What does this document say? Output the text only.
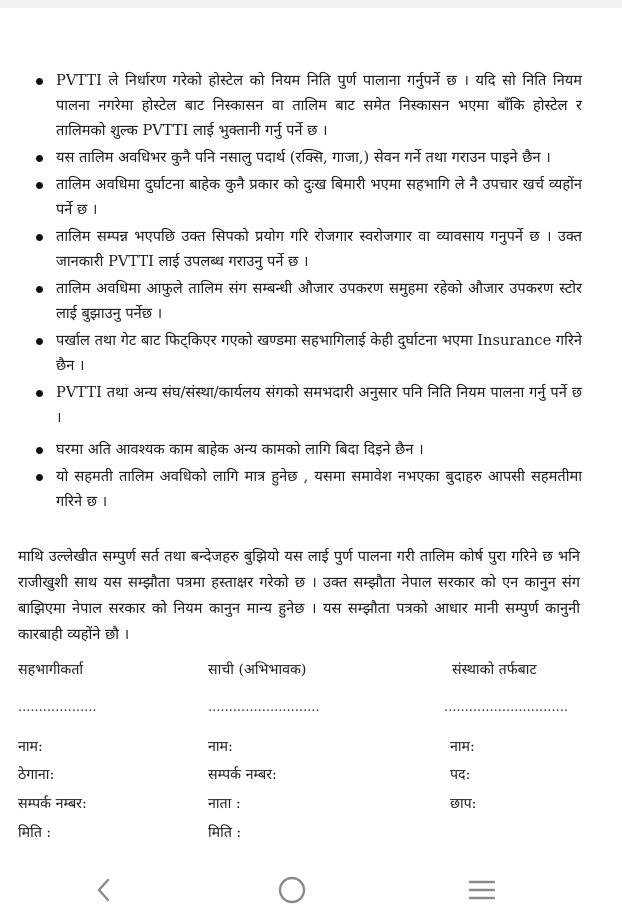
PVTTI ले निर्धारण गरेको होस्टेल को नियम निति पुर्ण पालाना गर्नुपर्ने छ । यदि सो निति नियम पालना नगरेमा होस्टेल बाट निस्कासन वा तालिम बाट समेत निस्कासन भएमा बाँकि होस्टेल र तालिमको शुल्क PVTTI लाई भुक्तानी गर्नु पर्ने छ ।
यस तालिम अवधिभर कुनै पनि नसालु पदार्थ (रक्सि, गाजा,) सेवन गर्ने तथा गराउन पाइने छैन ।
तालिम अवधिमा दुर्घाटना बाहेक कुनै प्रकार को दुःख बिमारी भएमा सहभागि ले नै उपचार खर्च व्यहोंन पर्ने छ ।
तालिम सम्पन्न भएपछि उक्त सिपको प्रयोग गरि रोजगार स्वरोजगार वा व्यावसाय गनुपर्ने छ । उक्त जानकारी PVTTI लाई उपलब्ध गराउनु पर्ने छ ।
तालिम अवधिमा आफुले तालिम संग सम्बन्धी औजार उपकरण समुहमा रहेको औजार उपकरण स्टोर लाई बुझाउनु पर्नेछ ।
पर्खाल तथा गेट बाट फिट्किएर गएको खण्डमा सहभागिलाई केही दुर्घाटना भएमा Insurance गरिने छैन ।
PVTTI तथा अन्य संघ/संस्था/कार्यलय संगको समभदारी अनुसार पनि निति नियम पालना गर्नु पर्ने छ ।
घरमा अति आवश्यक काम बाहेक अन्य कामको लागि बिदा दिइने छैन ।
यो सहमती तालिम अवधिको लागि मात्र हुनेछ , यसमा समावेश नभएका बुदाहरु आपसी सहमतीमा गरिने छ ।

माथि उल्लेखीत सम्पुर्ण सर्त तथा बन्देजहरु बुझियो यस लाई पुर्ण पालना गरी तालिम कोर्ष पुरा गरिने छ भनि राजीखुशी साथ यस सम्झौता पत्रमा हस्ताक्षर गरेको छ । उक्त सम्झौता नेपाल सरकार को एन कानुन संग बाझिएमा नेपाल सरकार को नियम कानुन मान्य हुनेछ । यस सम्झौता पत्रको आधार मानी सम्पुर्ण कानुनी कारबाही व्यहोंने छौ ।

सहभागीकर्ता	साची (अभिभावक)	संस्थाको तर्फबाट
...................	...........................	..............................
नाम:	नाम:	नाम:
ठेगाना:	सम्पर्क नम्बर:	पद:
सम्पर्क नम्बर:	नाता :	छाप:
मिति :	मिति :
